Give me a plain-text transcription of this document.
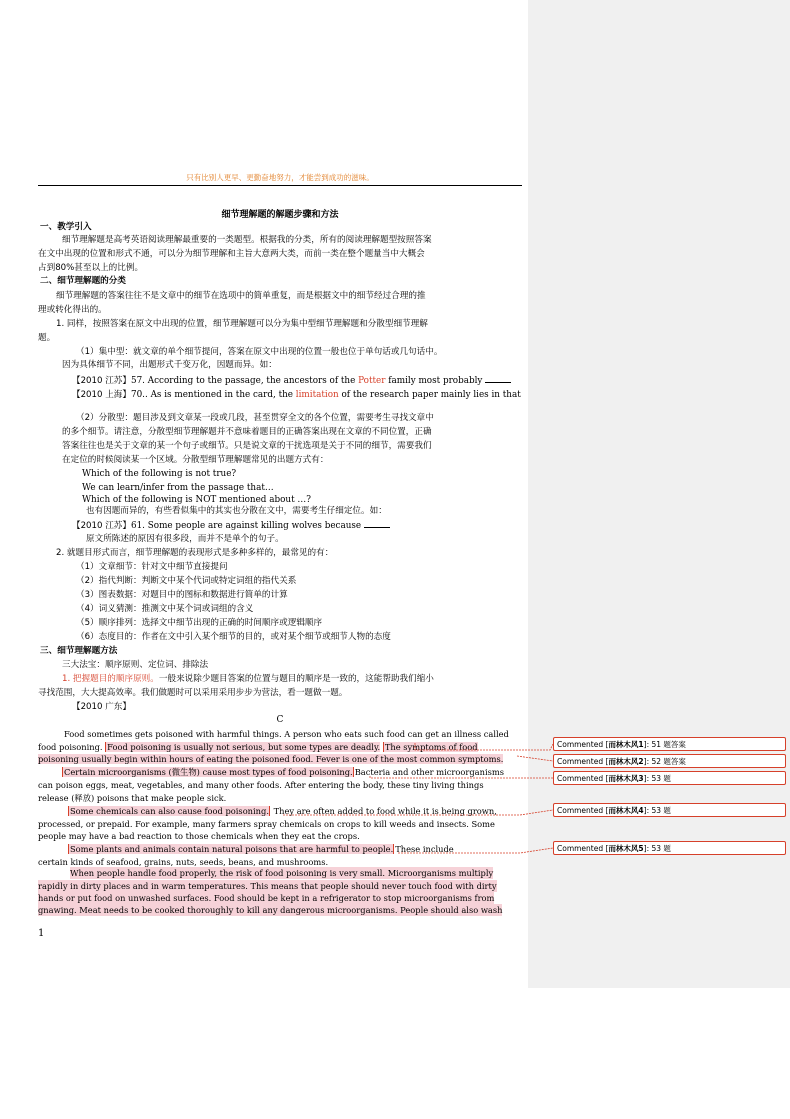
只有比别人更早、更勤奋地努力，才能尝到成功的滋味。
细节理解题的解题步骤和方法
一、教学引入
细节理解题是高考英语阅读理解最重要的一类题型。根据我的分类，所有的阅读理解题型按照答案
在文中出现的位置和形式不通，可以分为细节理解和主旨大意两大类，而前一类在整个题量当中大概会
占到80%甚至以上的比例。
二、细节理解题的分类
细节理解题的答案往往不是文章中的细节在选项中的简单重复，而是根据文中的细节经过合理的推
理或转化得出的。
1. 同样，按照答案在原文中出现的位置，细节理解题可以分为集中型细节理解题和分散型细节理解
题。
（1）集中型：就文章的单个细节提问，答案在原文中出现的位置一般也位于单句话或几句话中。
因为具体细节不同，出题形式千变万化，因题而异。如：
【2010 江苏】57. According to the passage, the ancestors of the Potter family most probably
【2010 上海】70.. As is mentioned in the card, the limitation of the research paper mainly lies in that
（2）分散型：题目涉及到文章某一段或几段，甚至贯穿全文的各个位置，需要考生寻找文章中
的多个细节。请注意，分散型细节理解题并不意味着题目的正确答案出现在文章的不同位置，正确
答案往往也是关于文章的某一个句子或细节。只是说文章的干扰选项是关于不同的细节，需要我们
在定位的时候阅读某一个区域。分散型细节理解题常见的出题方式有：
Which of the following is not true?
We can learn/infer from the passage that…
Which of the following is NOT mentioned about …?
也有因题而异的，有些看似集中的其实也分散在文中，需要考生仔细定位。如：
【2010 江苏】61. Some people are against killing wolves because
原文所陈述的原因有很多段，而并不是单个的句子。
2. 就题目形式而言，细节理解题的表现形式是多种多样的，最常见的有：
（1）文章细节：针对文中细节直接提问
（2）指代判断：判断文中某个代词或特定词组的指代关系
（3）图表数据：对题目中的图标和数据进行简单的计算
（4）词义猜测：推测文中某个词或词组的含义
（5）顺序排列：选择文中细节出现的正确的时间顺序或逻辑顺序
（6）态度目的：作者在文中引入某个细节的目的，或对某个细节或细节人物的态度
三、细节理解题方法
三大法宝：顺序原则、定位词、排除法
1. 把握题目的顺序原则。一般来说除少题目答案的位置与题目的顺序是一致的，这能帮助我们缩小
寻找范围，大大提高效率。我们做题时可以采用采用步步为营法，看一题做一题。
【2010 广东】
C
Food sometimes gets poisoned with harmful things. A person who eats such food can get an illness called
food poisoning. Food poisoning is usually not serious, but some types are deadly. The symptoms of food
poisoning usually begin within hours of eating the poisoned food. Fever is one of the most common symptoms.
Certain microorganisms (微生物) cause most types of food poisoning. Bacteria and other microorganisms
can poison eggs, meat, vegetables, and many other foods. After entering the body, these tiny living things
release (释放) poisons that make people sick.
Some chemicals can also cause food poisoning. They are often added to food while it is being grown,
processed, or prepaid. For example, many farmers spray chemicals on crops to kill weeds and insects. Some
people may have a bad reaction to those chemicals when they eat the crops.
Some plants and animals contain natural poisons that are harmful to people. These include
certain kinds of seafood, grains, nuts, seeds, beans, and mushrooms.
When people handle food properly, the risk of food poisoning is very small. Microorganisms multiply
rapidly in dirty places and in warm temperatures. This means that people should never touch food with dirty
hands or put food on unwashed surfaces. Food should be kept in a refrigerator to stop microorganisms from
gnawing. Meat needs to be cooked thoroughly to kill any dangerous microorganisms. People should also wash
1
Commented [而林木风1]: 51 题答案
Commented [而林木风2]: 52 题答案
Commented [而林木风3]: 53 题
Commented [而林木风4]: 53 题
Commented [而林木风5]: 53 题
